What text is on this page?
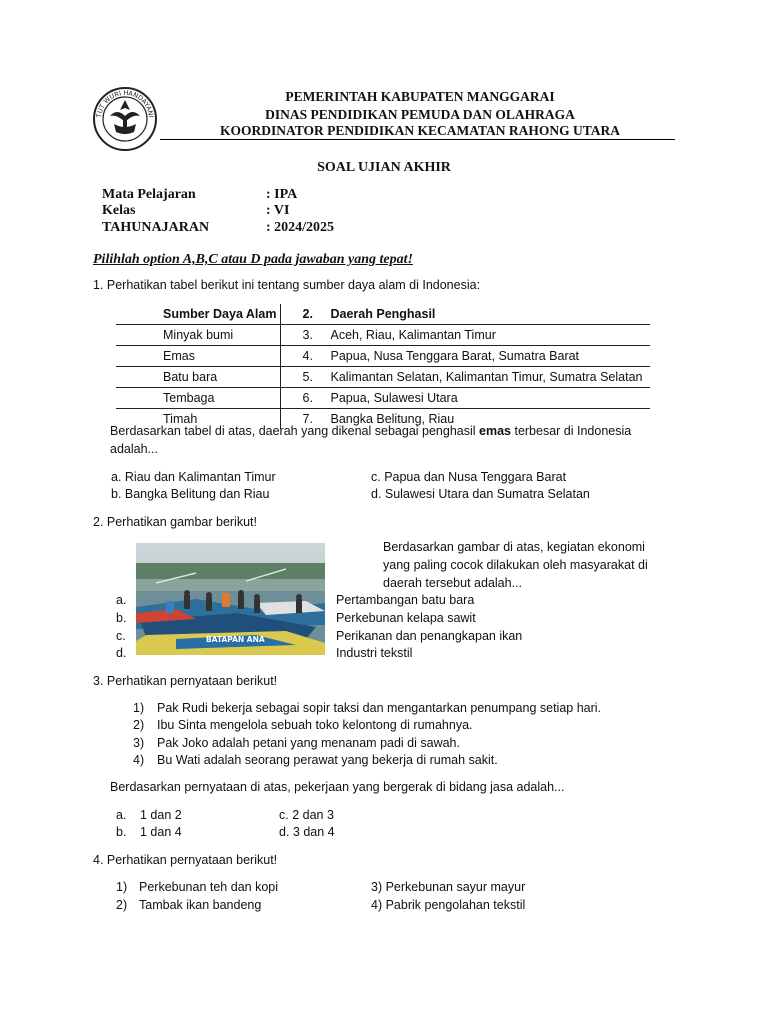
TUT WURI HANDAYANI
PEMERINTAH KABUPATEN MANGGARAI
DINAS PENDIDIKAN PEMUDA DAN OLAHRAGA
KOORDINATOR PENDIDIKAN KECAMATAN RAHONG UTARA
SOAL UJIAN AKHIR
Mata Pelajaran	: IPA
Kelas	: VI
TAHUNAJARAN	: 2024/2025
Pilihlah option A,B,C atau D pada jawaban yang tepat!
1. Perhatikan tabel berikut ini tentang sumber daya alam di Indonesia:
Sumber Daya Alam	2.	Daerah Penghasil
Minyak bumi	3.	Aceh, Riau, Kalimantan Timur
Emas	4.	Papua, Nusa Tenggara Barat, Sumatra Barat
Batu bara	5.	Kalimantan Selatan, Kalimantan Timur, Sumatra Selatan
Tembaga	6.	Papua, Sulawesi Utara
Timah	7.	Bangka Belitung, Riau
Berdasarkan tabel di atas, daerah yang dikenal sebagai penghasil emas terbesar di Indonesia
adalah...
a. Riau dan Kalimantan Timur
b. Bangka Belitung dan Riau
c. Papua dan Nusa Tenggara Barat
d. Sulawesi Utara dan Sumatra Selatan
2. Perhatikan gambar berikut!
BATAPAN ANA
Berdasarkan gambar di atas, kegiatan ekonomi
yang paling cocok dilakukan oleh masyarakat di
daerah tersebut adalah...
a.	Pertambangan batu bara
b.	Perkebunan kelapa sawit
c.	Perikanan dan penangkapan ikan
d.	Industri tekstil
3. Perhatikan pernyataan berikut!
1) Pak Rudi bekerja sebagai sopir taksi dan mengantarkan penumpang setiap hari.
2) Ibu Sinta mengelola sebuah toko kelontong di rumahnya.
3) Pak Joko adalah petani yang menanam padi di sawah.
4) Bu Wati adalah seorang perawat yang bekerja di rumah sakit.
Berdasarkan pernyataan di atas, pekerjaan yang bergerak di bidang jasa adalah...
a. 1 dan 2
b. 1 dan 4
c. 2 dan 3
d. 3 dan 4
4. Perhatikan pernyataan berikut!
1) Perkebunan teh dan kopi
2) Tambak ikan bandeng
3) Perkebunan sayur mayur
4) Pabrik pengolahan tekstil
